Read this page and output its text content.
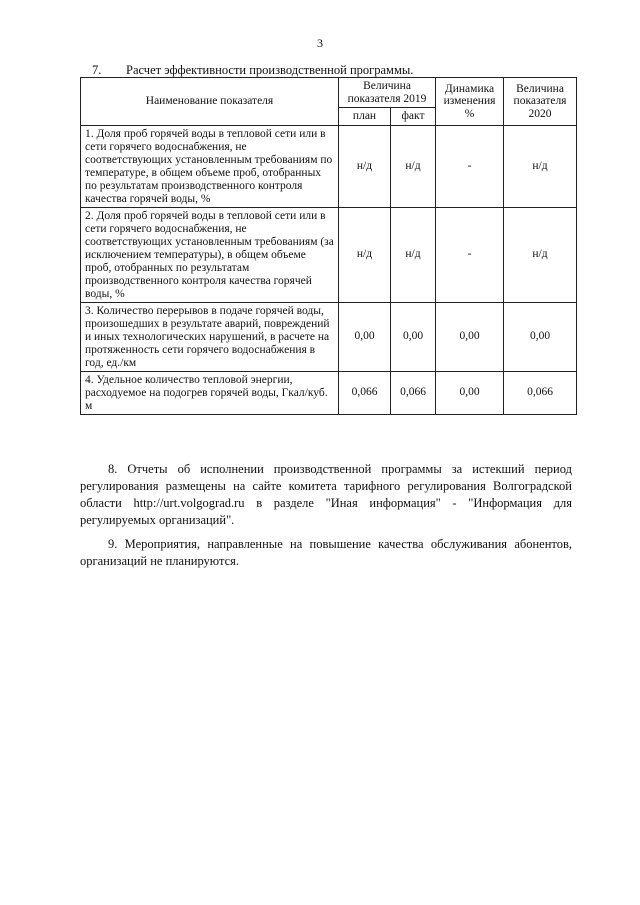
3
7. Расчет эффективности производственной программы.
Наименование показателя	Величина показателя 2019		Динамика изменения %	Величина показателя 2020
	план	факт		
1. Доля проб горячей воды в тепловой сети или в сети горячего водоснабжения, не соответствующих установленным требованиям по температуре, в общем объеме проб, отобранных по результатам производственного контроля качества горячей воды, %	н/д	н/д	-	н/д
2. Доля проб горячей воды в тепловой сети или в сети горячего водоснабжения, не соответствующих установленным требованиям (за исключением температуры), в общем объеме проб, отобранных по результатам производственного контроля качества горячей воды, %	н/д	н/д	-	н/д
3. Количество перерывов в подаче горячей воды, произошедших в результате аварий, повреждений и иных технологических нарушений, в расчете на протяженность сети горячего водоснабжения в год, ед./км	0,00	0,00	0,00	0,00
4. Удельное количество тепловой энергии, расходуемое на подогрев горячей воды, Гкал/куб. м	0,066	0,066	0,00	0,066
8. Отчеты об исполнении производственной программы за истекший период регулирования размещены на сайте комитета тарифного регулирования Волгоградской области http://urt.volgograd.ru в разделе "Иная информация" - "Информация для регулируемых организаций".
9. Мероприятия, направленные на повышение качества обслуживания абонентов, организаций не планируются.
